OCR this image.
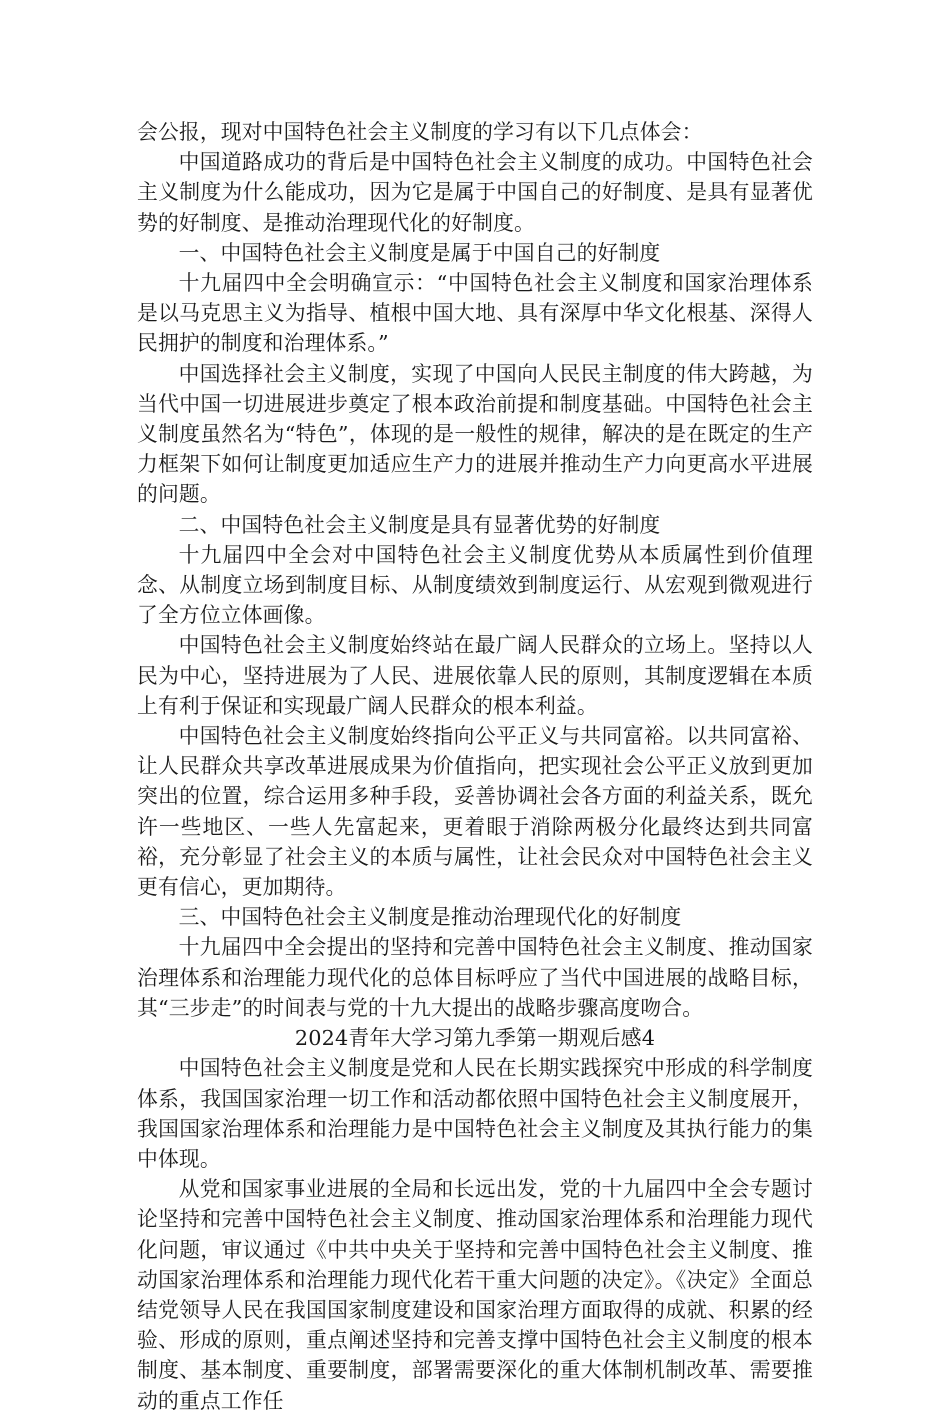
会公报，现对中国特色社会主义制度的学习有以下几点体会：

中国道路成功的背后是中国特色社会主义制度的成功。中国特色社会主义制度为什么能成功，因为它是属于中国自己的好制度、是具有显著优势的好制度、是推动治理现代化的好制度。

一、中国特色社会主义制度是属于中国自己的好制度

十九届四中全会明确宣示：“中国特色社会主义制度和国家治理体系是以马克思主义为指导、植根中国大地、具有深厚中华文化根基、深得人民拥护的制度和治理体系。”

中国选择社会主义制度，实现了中国向人民民主制度的伟大跨越，为当代中国一切进展进步奠定了根本政治前提和制度基础。中国特色社会主义制度虽然名为“特色”，体现的是一般性的规律，解决的是在既定的生产力框架下如何让制度更加适应生产力的进展并推动生产力向更高水平进展的问题。

二、中国特色社会主义制度是具有显著优势的好制度

十九届四中全会对中国特色社会主义制度优势从本质属性到价值理念、从制度立场到制度目标、从制度绩效到制度运行、从宏观到微观进行了全方位立体画像。

中国特色社会主义制度始终站在最广阔人民群众的立场上。坚持以人民为中心，坚持进展为了人民、进展依靠人民的原则，其制度逻辑在本质上有利于保证和实现最广阔人民群众的根本利益。

中国特色社会主义制度始终指向公平正义与共同富裕。以共同富裕、让人民群众共享改革进展成果为价值指向，把实现社会公平正义放到更加突出的位置，综合运用多种手段，妥善协调社会各方面的利益关系，既允许一些地区、一些人先富起来，更着眼于消除两极分化最终达到共同富裕，充分彰显了社会主义的本质与属性，让社会民众对中国特色社会主义更有信心，更加期待。

三、中国特色社会主义制度是推动治理现代化的好制度

十九届四中全会提出的坚持和完善中国特色社会主义制度、推动国家治理体系和治理能力现代化的总体目标呼应了当代中国进展的战略目标，其“三步走”的时间表与党的十九大提出的战略步骤高度吻合。

2024青年大学习第九季第一期观后感4

中国特色社会主义制度是党和人民在长期实践探究中形成的科学制度体系，我国国家治理一切工作和活动都依照中国特色社会主义制度展开，我国国家治理体系和治理能力是中国特色社会主义制度及其执行能力的集中体现。

从党和国家事业进展的全局和长远出发，党的十九届四中全会专题讨论坚持和完善中国特色社会主义制度、推动国家治理体系和治理能力现代化问题，审议通过《中共中央关于坚持和完善中国特色社会主义制度、推动国家治理体系和治理能力现代化若干重大问题的决定》。《决定》全面总结党领导人民在我国国家制度建设和国家治理方面取得的成就、积累的经验、形成的原则，重点阐述坚持和完善支撑中国特色社会主义制度的根本制度、基本制度、重要制度，部署需要深化的重大体制机制改革、需要推动的重点工作任
